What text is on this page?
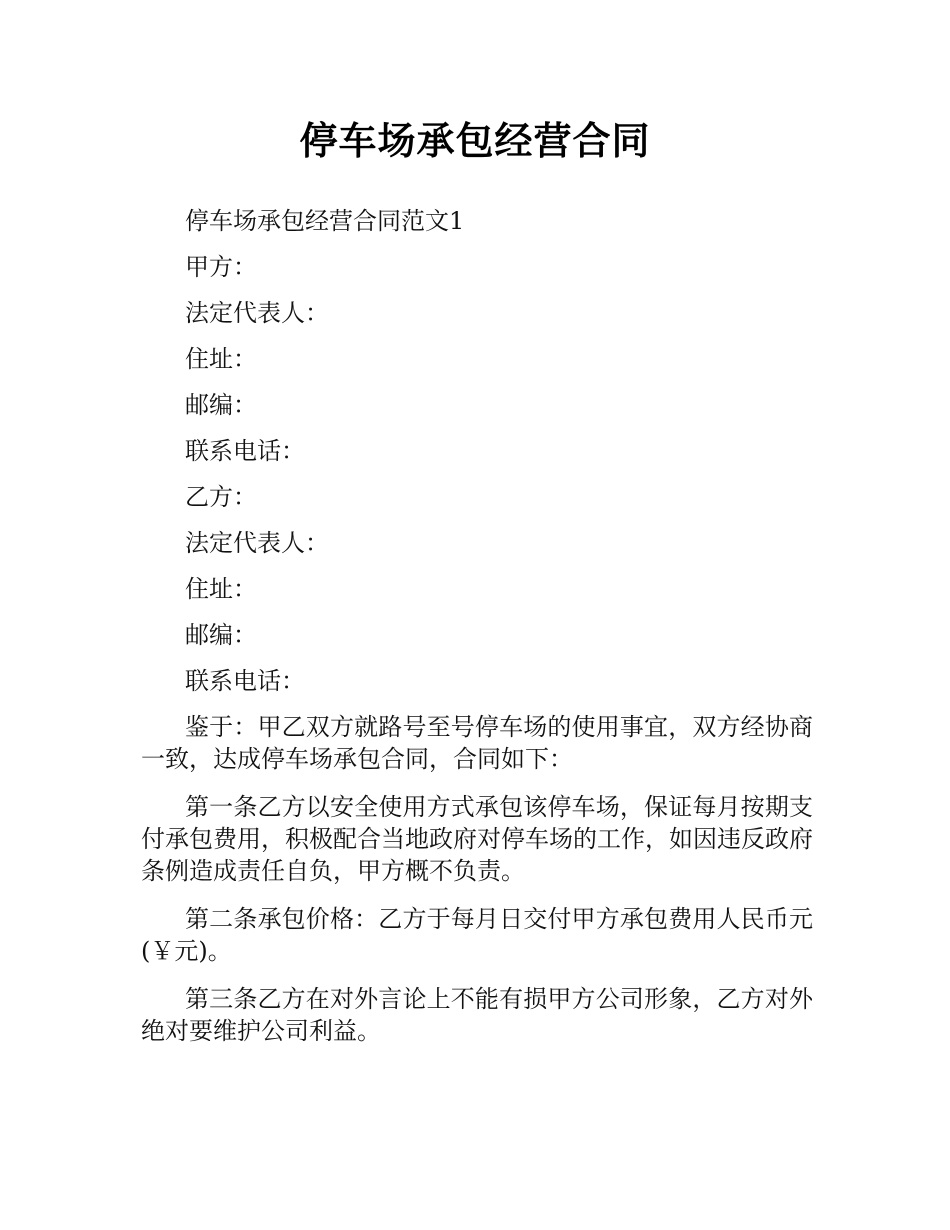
停车场承包经营合同
停车场承包经营合同范文1
甲方：
法定代表人：
住址：
邮编：
联系电话：
乙方：
法定代表人：
住址：
邮编：
联系电话：

鉴于：甲乙双方就路号至号停车场的使用事宜，双方经协商一致，达成停车场承包合同，合同如下：

第一条乙方以安全使用方式承包该停车场，保证每月按期支付承包费用，积极配合当地政府对停车场的工作，如因违反政府条例造成责任自负，甲方概不负责。

第二条承包价格：乙方于每月日交付甲方承包费用人民币元(￥元)。

第三条乙方在对外言论上不能有损甲方公司形象，乙方对外绝对要维护公司利益。
